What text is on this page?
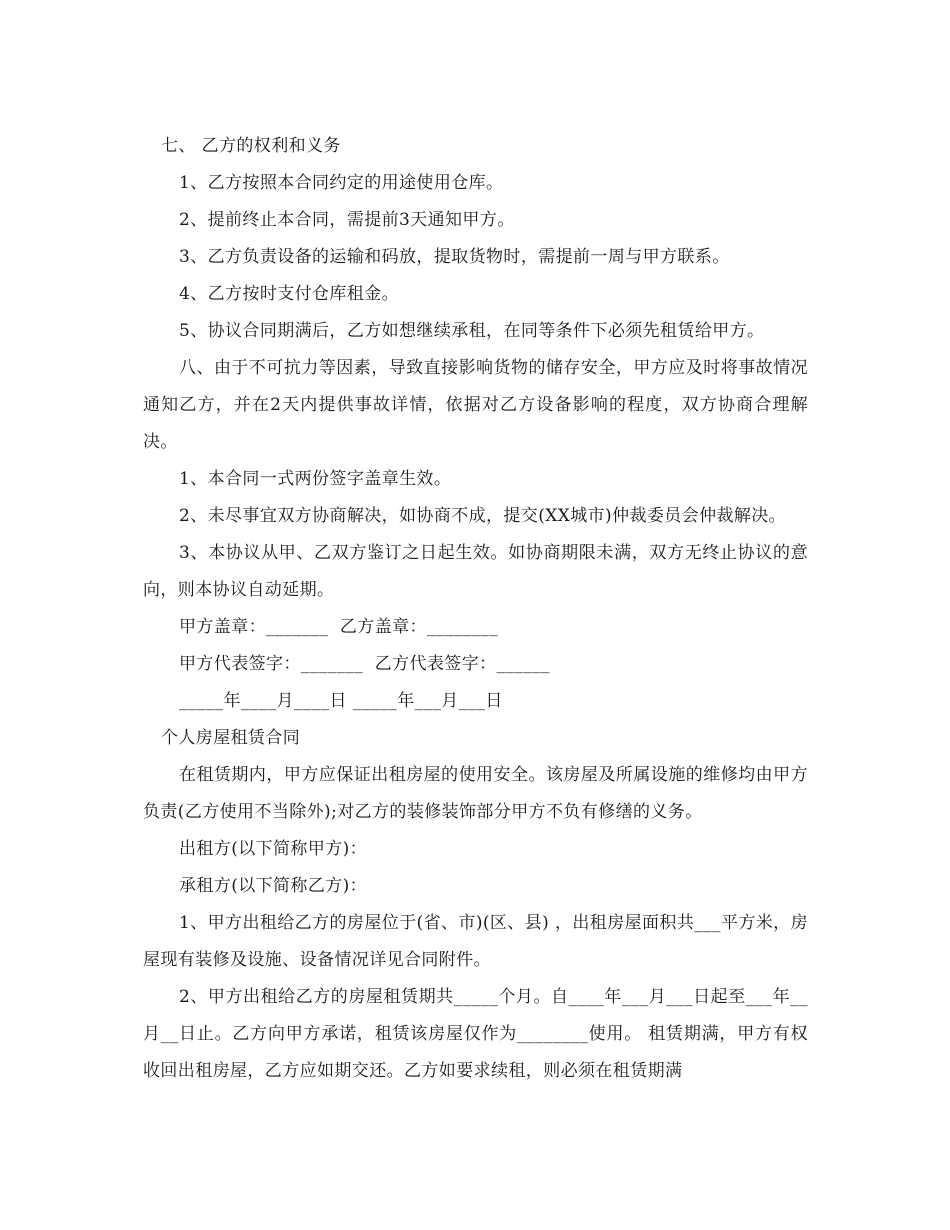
七、 乙方的权利和义务

1、乙方按照本合同约定的用途使用仓库。

2、提前终止本合同，需提前3天通知甲方。

3、乙方负责设备的运输和码放，提取货物时，需提前一周与甲方联系。

4、乙方按时支付仓库租金。

5、协议合同期满后，乙方如想继续承租，在同等条件下必须先租赁给甲方。

八、由于不可抗力等因素，导致直接影响货物的储存安全，甲方应及时将事故情况通知乙方，并在2天内提供事故详情，依据对乙方设备影响的程度，双方协商合理解决。

1、本合同一式两份签字盖章生效。

2、未尽事宜双方协商解决，如协商不成，提交(XX城市)仲裁委员会仲裁解决。

3、本协议从甲、乙双方鉴订之日起生效。如协商期限未满，双方无终止协议的意向，则本协议自动延期。

甲方盖章：_______  乙方盖章：________

甲方代表签字：_______  乙方代表签字：______

_____年____月____日 _____年___月___日

个人房屋租赁合同

在租赁期内，甲方应保证出租房屋的使用安全。该房屋及所属设施的维修均由甲方负责(乙方使用不当除外);对乙方的装修装饰部分甲方不负有修缮的义务。

出租方(以下简称甲方)：

承租方(以下简称乙方)：

1、甲方出租给乙方的房屋位于(省、市)(区、县) ，出租房屋面积共___平方米，房屋现有装修及设施、设备情况详见合同附件。

2、甲方出租给乙方的房屋租赁期共_____个月。自____年___月___日起至___年__月__日止。乙方向甲方承诺，租赁该房屋仅作为________使用。 租赁期满，甲方有权收回出租房屋，乙方应如期交还。乙方如要求续租，则必须在租赁期满
